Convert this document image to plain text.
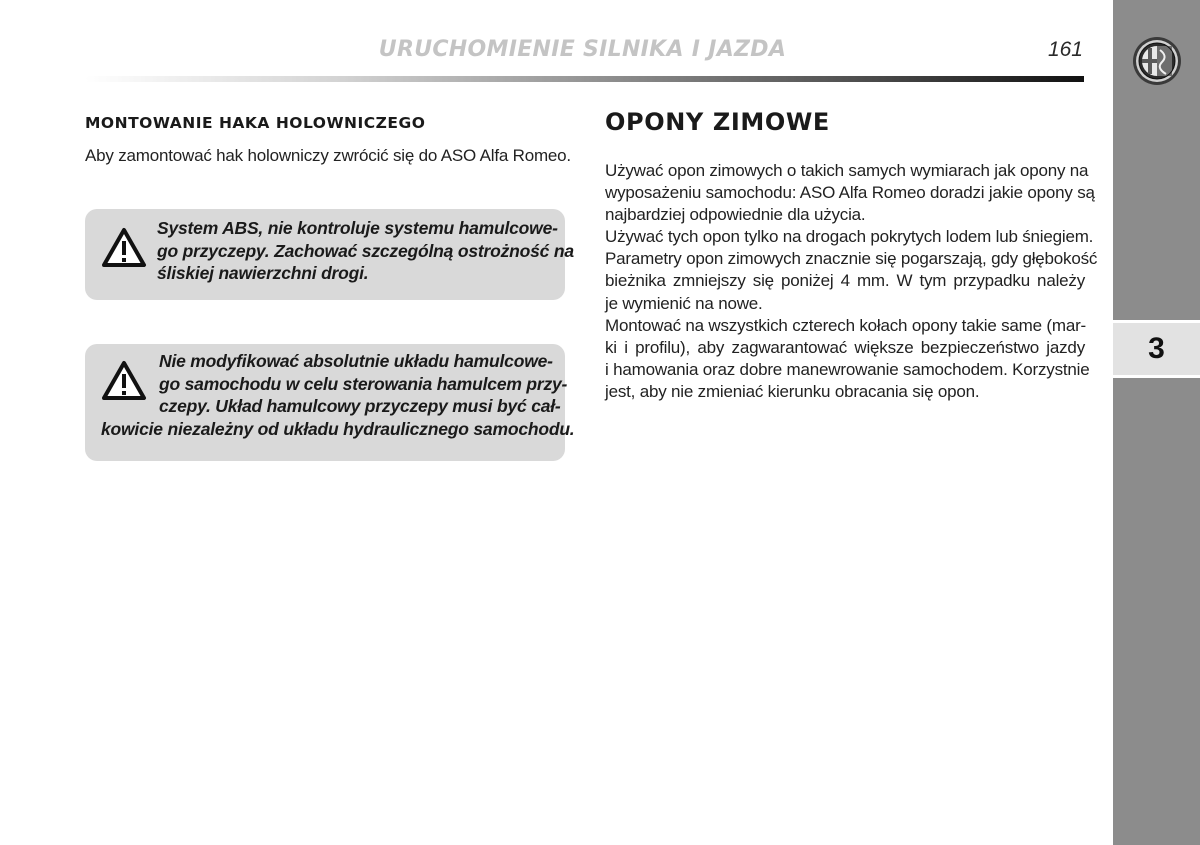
URUCHOMIENIE SILNIKA I JAZDA	161
3
MONTOWANIE HAKA HOLOWNICZEGO
Aby zamontować hak holowniczy zwrócić się do ASO Alfa Romeo.
System ABS, nie kontroluje systemu hamulcowe-
go przyczepy. Zachować szczególną ostrożność na
śliskiej nawierzchni drogi.
Nie modyfikować absolutnie układu hamulcowe-
go samochodu w celu sterowania hamulcem przy-
czepy. Układ hamulcowy przyczepy musi być cał-
kowicie niezależny od układu hydraulicznego samochodu.
OPONY ZIMOWE

Używać opon zimowych o takich samych wymiarach jak opony na
wyposażeniu samochodu: ASO Alfa Romeo doradzi jakie opony są
najbardziej odpowiednie dla użycia.

Używać tych opon tylko na drogach pokrytych lodem lub śniegiem.
Parametry opon zimowych znacznie się pogarszają, gdy głębokość
bieżnika zmniejszy się poniżej 4 mm. W tym przypadku należy
je wymienić na nowe.

Montować na wszystkich czterech kołach opony takie same (mar-
ki i profilu), aby zagwarantować większe bezpieczeństwo jazdy
i hamowania oraz dobre manewrowanie samochodem. Korzystnie
jest, aby nie zmieniać kierunku obracania się opon.
